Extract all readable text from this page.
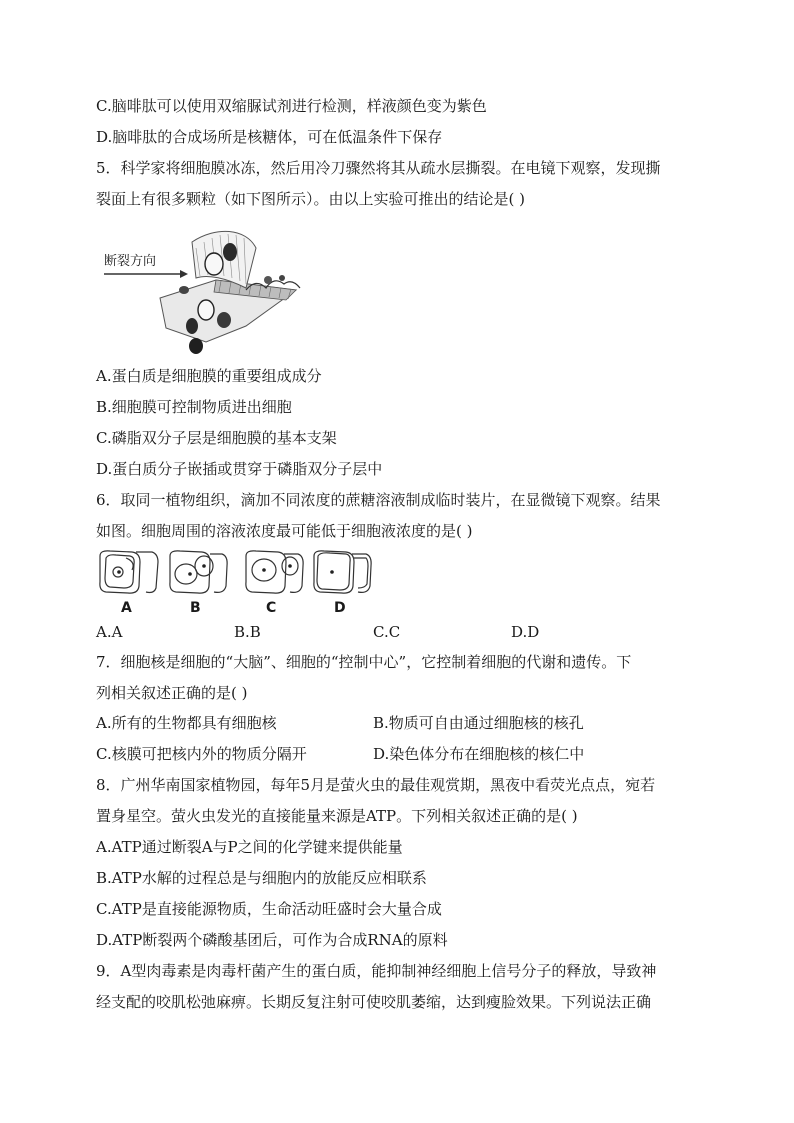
C.脑啡肽可以使用双缩脲试剂进行检测，样液颜色变为紫色
D.脑啡肽的合成场所是核糖体，可在低温条件下保存
5．科学家将细胞膜冰冻，然后用冷刀骤然将其从疏水层撕裂。在电镜下观察，发现撕
裂面上有很多颗粒（如下图所示）。由以上实验可推出的结论是( )
断裂方向
A.蛋白质是细胞膜的重要组成成分
B.细胞膜可控制物质进出细胞
C.磷脂双分子层是细胞膜的基本支架
D.蛋白质分子嵌插或贯穿于磷脂双分子层中
6．取同一植物组织，滴加不同浓度的蔗糖溶液制成临时装片，在显微镜下观察。结果
如图。细胞周围的溶液浓度最可能低于细胞液浓度的是( )
A	B	C	D
A.A	B.B	C.C	D.D
7．细胞核是细胞的“大脑”、细胞的“控制中心”，它控制着细胞的代谢和遗传。下
列相关叙述正确的是( )
A.所有的生物都具有细胞核	B.物质可自由通过细胞核的核孔
C.核膜可把核内外的物质分隔开	D.染色体分布在细胞核的核仁中
8．广州华南国家植物园，每年5月是萤火虫的最佳观赏期，黑夜中看荧光点点，宛若
置身星空。萤火虫发光的直接能量来源是ATP。下列相关叙述正确的是( )
A.ATP通过断裂A与P之间的化学键来提供能量
B.ATP水解的过程总是与细胞内的放能反应相联系
C.ATP是直接能源物质，生命活动旺盛时会大量合成
D.ATP断裂两个磷酸基团后，可作为合成RNA的原料
9．A型肉毒素是肉毒杆菌产生的蛋白质，能抑制神经细胞上信号分子的释放，导致神
经支配的咬肌松弛麻痹。长期反复注射可使咬肌萎缩，达到瘦脸效果。下列说法正确
